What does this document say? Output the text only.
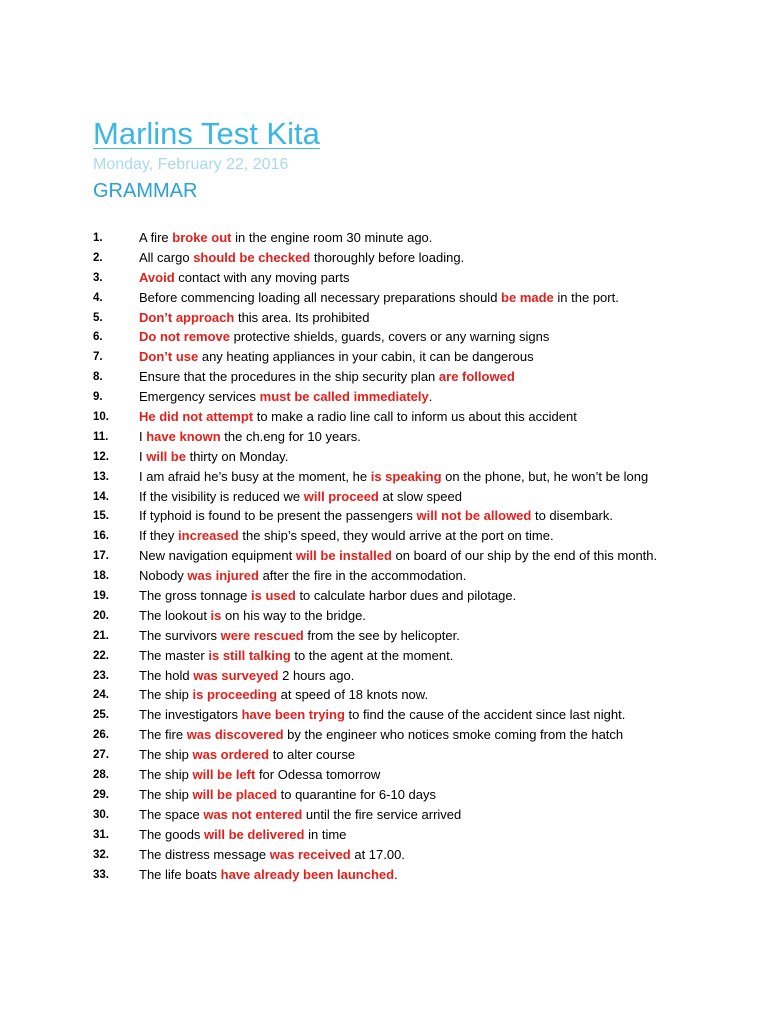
Marlins Test Kita
Monday, February 22, 2016
GRAMMAR
1.	A fire broke out in the engine room 30 minute ago.
2.	All cargo should be checked thoroughly before loading.
3.	Avoid contact with any moving parts
4.	Before commencing loading all necessary preparations should be made in the port.
5.	Don’t approach this area. Its prohibited
6.	Do not remove protective shields, guards, covers or any warning signs
7.	Don’t use any heating appliances in your cabin, it can be dangerous
8.	Ensure that the procedures in the ship security plan are followed
9.	Emergency services must be called immediately.
10. He did not attempt to make a radio line call to inform us about this accident
11. I have known the ch.eng for 10 years.
12. I will be thirty on Monday.
13. I am afraid he’s busy at the moment, he is speaking on the phone, but, he won’t be long
14. If the visibility is reduced we will proceed at slow speed
15. If typhoid is found to be present the passengers will not be allowed to disembark.
16. If they increased the ship’s speed, they would arrive at the port on time.
17. New navigation equipment will be installed on board of our ship by the end of this month.
18. Nobody was injured after the fire in the accommodation.
19. The gross tonnage is used to calculate harbor dues and pilotage.
20. The lookout is on his way to the bridge.
21. The survivors were rescued from the see by helicopter.
22. The master is still talking to the agent at the moment.
23. The hold was surveyed 2 hours ago.
24. The ship is proceeding at speed of 18 knots now.
25. The investigators have been trying to find the cause of the accident since last night.
26. The fire was discovered by the engineer who notices smoke coming from the hatch
27. The ship was ordered to alter course
28. The ship will be left for Odessa tomorrow
29. The ship will be placed to quarantine for 6-10 days
30. The space was not entered until the fire service arrived
31. The goods will be delivered in time
32. The distress message was received at 17.00.
33. The life boats have already been launched.
